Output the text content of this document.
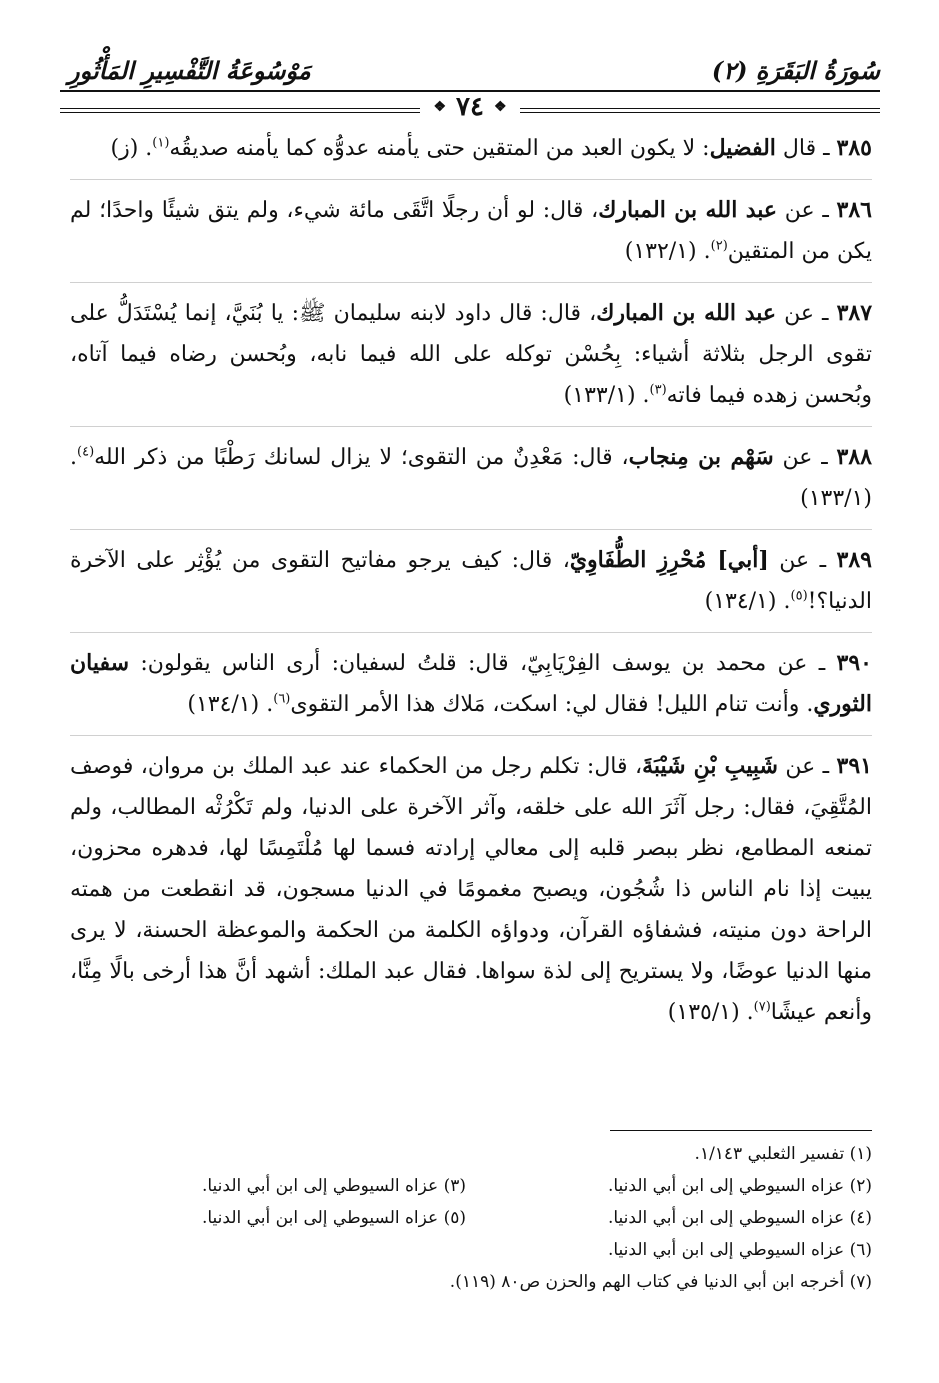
سُورَةُ البَقَرَةِ (٢)
مَوْسُوعَةُ التَّفْسِيرِ المَأْثُورِ
❖ ٧٤ ❖
٣٨٥ ـ قال الفضيل: لا يكون العبد من المتقين حتى يأمنه عدوُّه كما يأمنه صديقُه$^{(١)}$. (ز)
٣٨٦ ـ عن عبد الله بن المبارك، قال: لو أن رجلًا اتَّقَى مائة شيء، ولم يتق شيئًا واحدًا؛ لم يكن من المتقين$^{(٢)}$. (١٣٢/١)
٣٨٧ ـ عن عبد الله بن المبارك، قال: قال داود لابنه سليمان ﷺ: يا بُنَيَّ، إنما يُسْتَدَلُّ على تقوى الرجل بثلاثة أشياء: بِحُسْن توكله على الله فيما نابه، وبُحسن رضاه فيما آتاه، وبُحسن زهده فيما فاته$^{(٣)}$. (١٣٣/١)
٣٨٨ ـ عن سَهْم بن مِنجاب، قال: مَعْدِنٌ من التقوى؛ لا يزال لسانك رَطْبًا من ذكر الله$^{(٤)}$. (١٣٣/١)
٣٨٩ ـ عن [أبي] مُحْرِزِ الطُّفَاوِيّ، قال: كيف يرجو مفاتيح التقوى من يُؤْثِر على الآخرة الدنيا؟!$^{(٥)}$. (١٣٤/١)
٣٩٠ ـ عن محمد بن يوسف الفِرْيَابِيّ، قال: قلتُ لسفيان: أرى الناس يقولون: سفيان الثوري. وأنت تنام الليل! فقال لي: اسكت، مَلاك هذا الأمر التقوى$^{(٦)}$. (١٣٤/١)
٣٩١ ـ عن شَبِيبِ بْنِ شَيْبَةَ، قال: تكلم رجل من الحكماء عند عبد الملك بن مروان، فوصف المُتَّقِيَ، فقال: رجل آثَرَ الله على خلقه، وآثر الآخرة على الدنيا، ولم تَكْرُثْه المطالب، ولم تمنعه المطامع، نظر ببصر قلبه إلى معالي إرادته فسما لها مُلْتَمِسًا لها، فدهره محزون، يبيت إذا نام الناس ذا شُجُون، ويصبح مغمومًا في الدنيا مسجون، قد انقطعت من همته الراحة دون منيته، فشفاؤه القرآن، ودواؤه الكلمة من الحكمة والموعظة الحسنة، لا يرى منها الدنيا عوضًا، ولا يستريح إلى لذة سواها. فقال عبد الملك: أشهد أنَّ هذا أرخى بالًا مِنَّا، وأنعم عيشًا$^{(٧)}$. (١٣٥/١)
(١) تفسير الثعلبي ١/١٤٣.
(٢) عزاه السيوطي إلى ابن أبي الدنيا.
(٣) عزاه السيوطي إلى ابن أبي الدنيا.
(٤) عزاه السيوطي إلى ابن أبي الدنيا.
(٥) عزاه السيوطي إلى ابن أبي الدنيا.
(٦) عزاه السيوطي إلى ابن أبي الدنيا.
(٧) أخرجه ابن أبي الدنيا في كتاب الهم والحزن ص٨٠ (١١٩).
